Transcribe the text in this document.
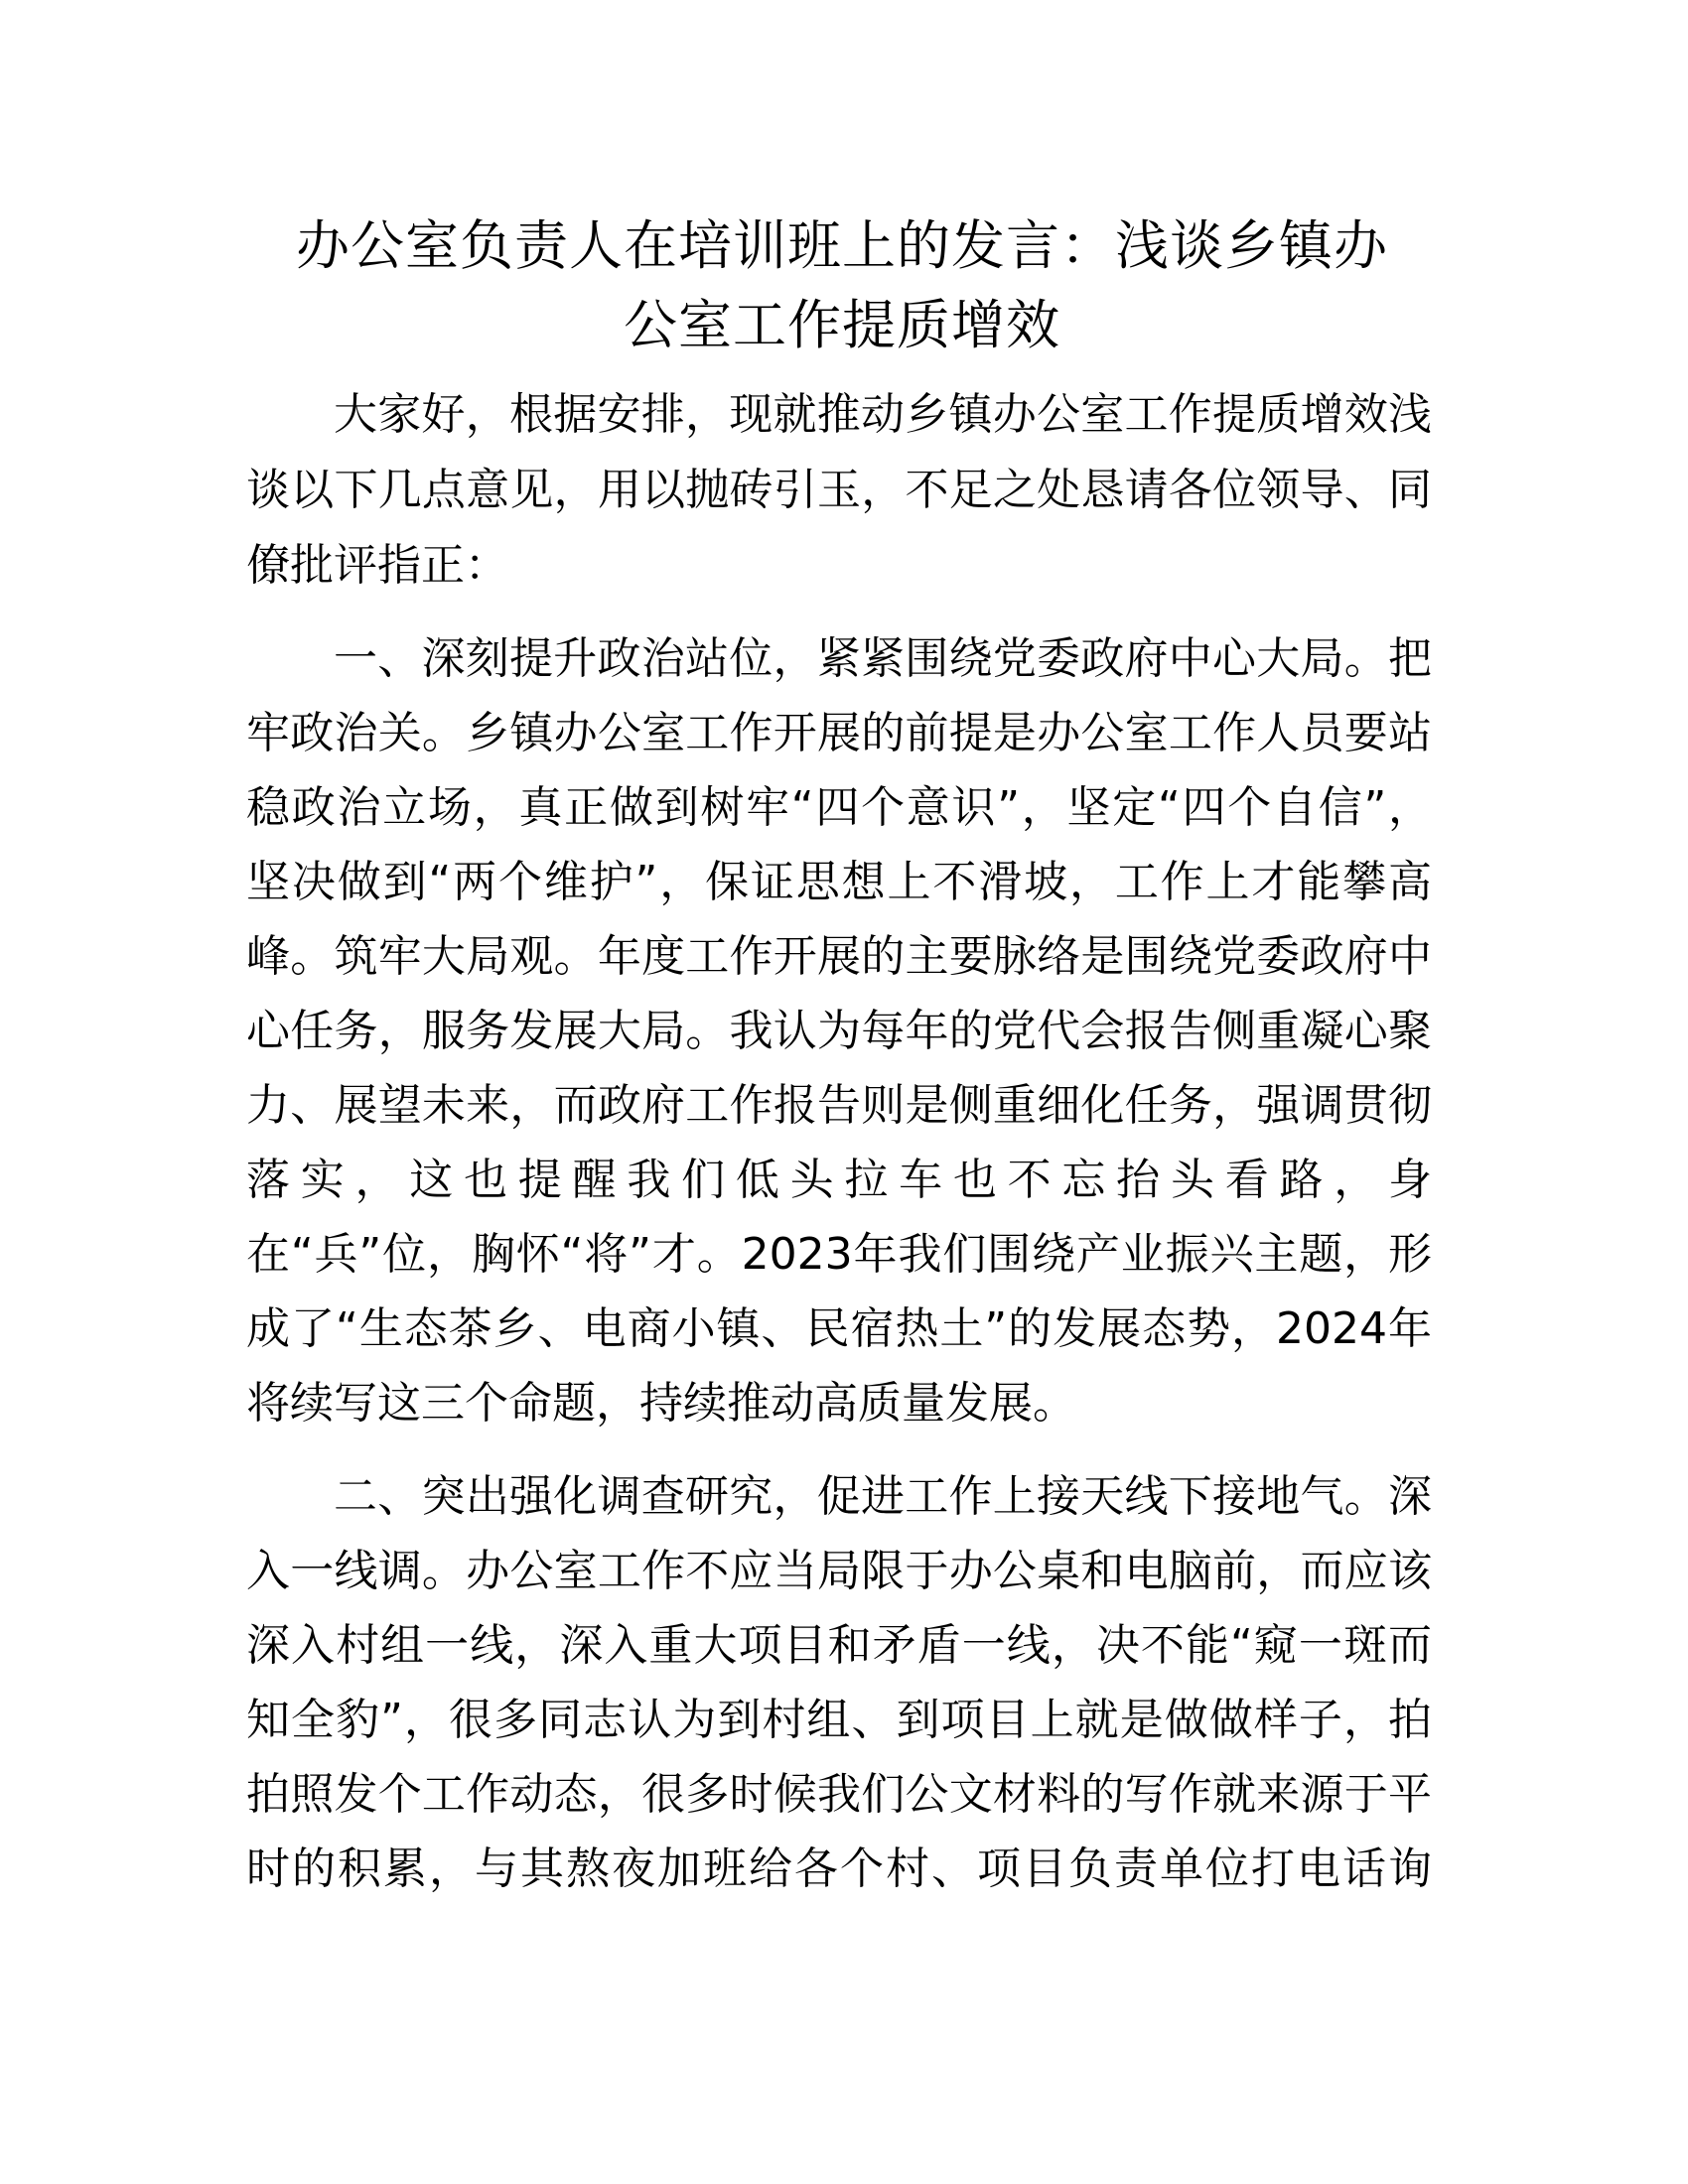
办公室负责人在培训班上的发言：浅谈乡镇办
公室工作提质增效

大家好，根据安排，现就推动乡镇办公室工作提质增效浅

谈以下几点意见，用以抛砖引玉，不足之处恳请各位领导、同

僚批评指正：

一、深刻提升政治站位，紧紧围绕党委政府中心大局。把

牢政治关。乡镇办公室工作开展的前提是办公室工作人员要站

稳政治立场，真正做到树牢“四个意识”，坚定“四个自信”，

坚决做到“两个维护”，保证思想上不滑坡，工作上才能攀高

峰。筑牢大局观。年度工作开展的主要脉络是围绕党委政府中

心任务，服务发展大局。我认为每年的党代会报告侧重凝心聚

力、展望未来，而政府工作报告则是侧重细化任务，强调贯彻

落实，这也提醒我们低头拉车也不忘抬头看路，身

在“兵”位，胸怀“将”才。2023年我们围绕产业振兴主题，形

成了“生态茶乡、电商小镇、民宿热土”的发展态势，2024年

将续写这三个命题，持续推动高质量发展。

二、突出强化调查研究，促进工作上接天线下接地气。深

入一线调。办公室工作不应当局限于办公桌和电脑前，而应该

深入村组一线，深入重大项目和矛盾一线，决不能“窥一斑而

知全豹”，很多同志认为到村组、到项目上就是做做样子，拍

拍照发个工作动态，很多时候我们公文材料的写作就来源于平

时的积累，与其熬夜加班给各个村、项目负责单位打电话询
